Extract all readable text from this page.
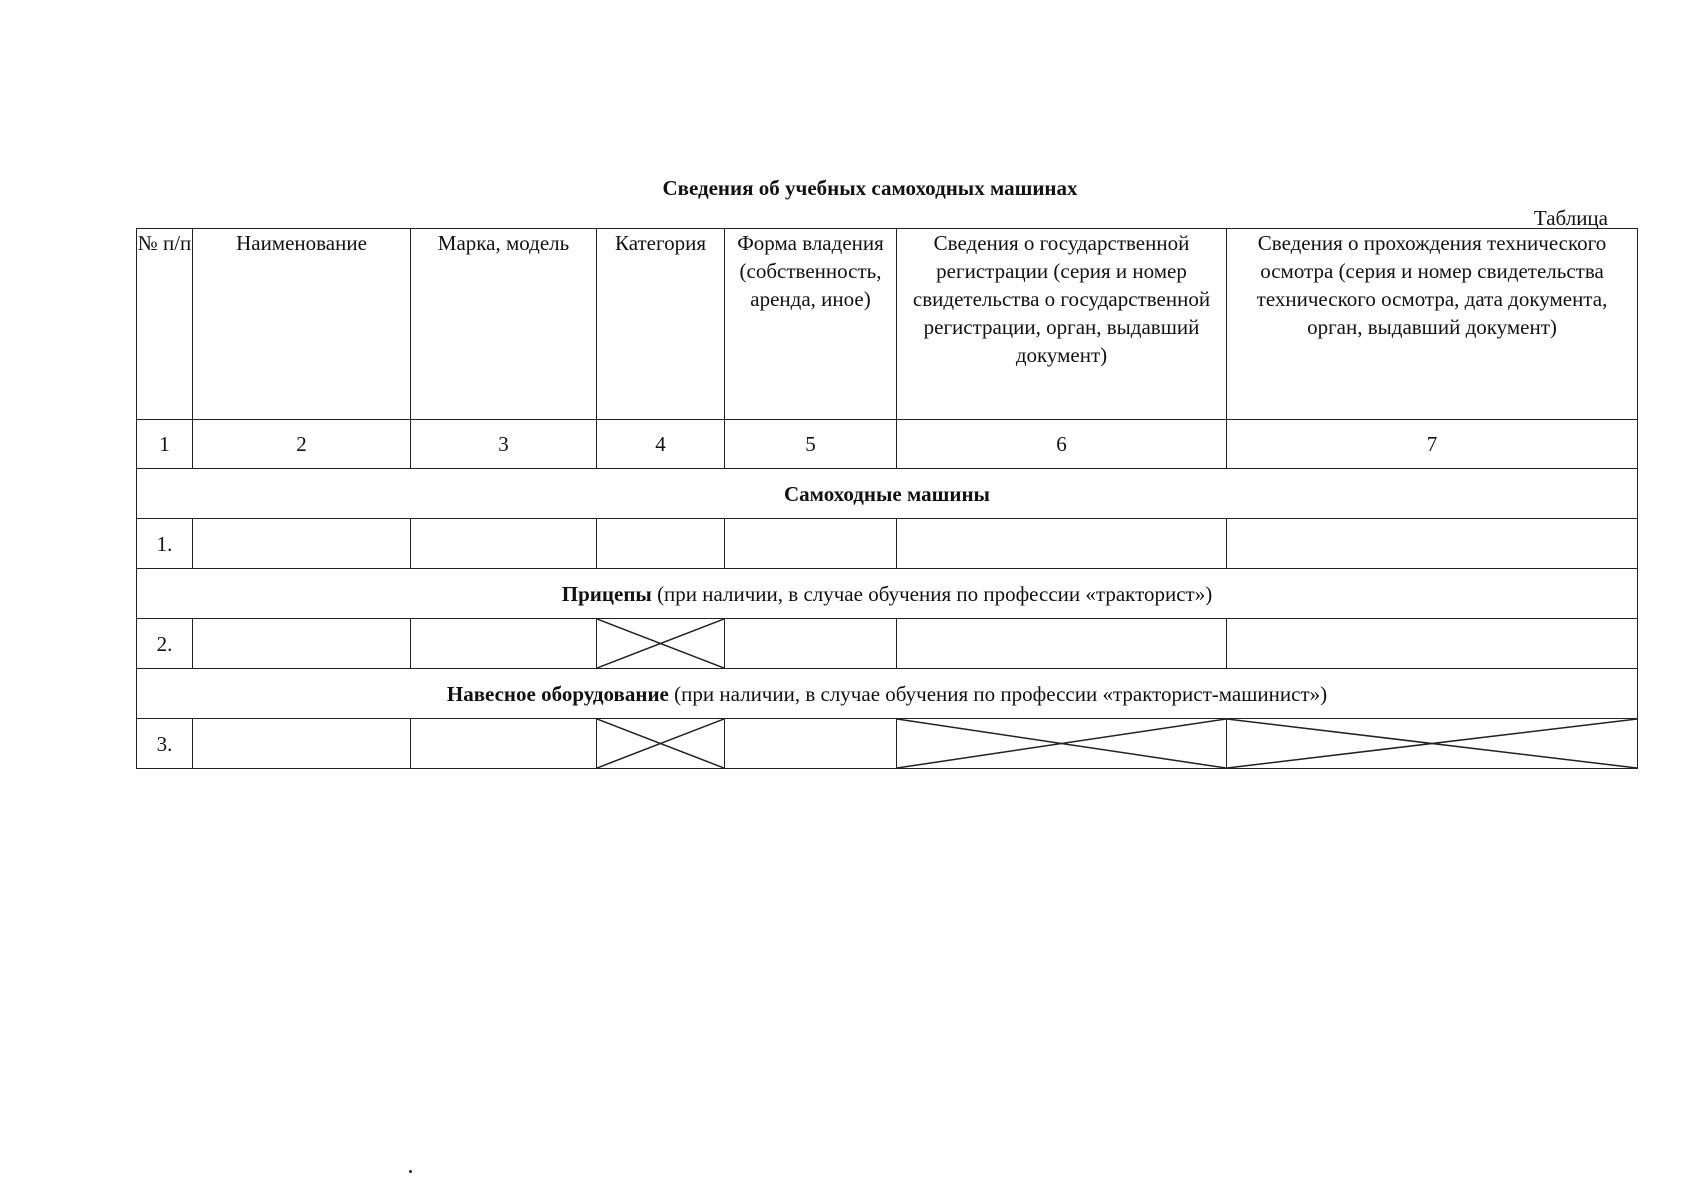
Сведения об учебных самоходных машинах

Таблица
№ п/п	Наименование	Марка, модель	Категория	Форма владения (собственность, аренда, иное)	Сведения о государственной регистрации (серия и номер свидетельства о государственной регистрации, орган, выдавший документ)	Сведения о прохождения технического осмотра (серия и номер свидетельства технического осмотра, дата документа, орган, выдавший документ)
1	2	3	4	5	6	7
Самоходные машины						
1.						
Прицепы (при наличии, в случае обучения по профессии «тракторист»)						
2.			

Навесное оборудование (при наличии, в случае обучения по профессии «тракторист-машинист»)						
3.			
